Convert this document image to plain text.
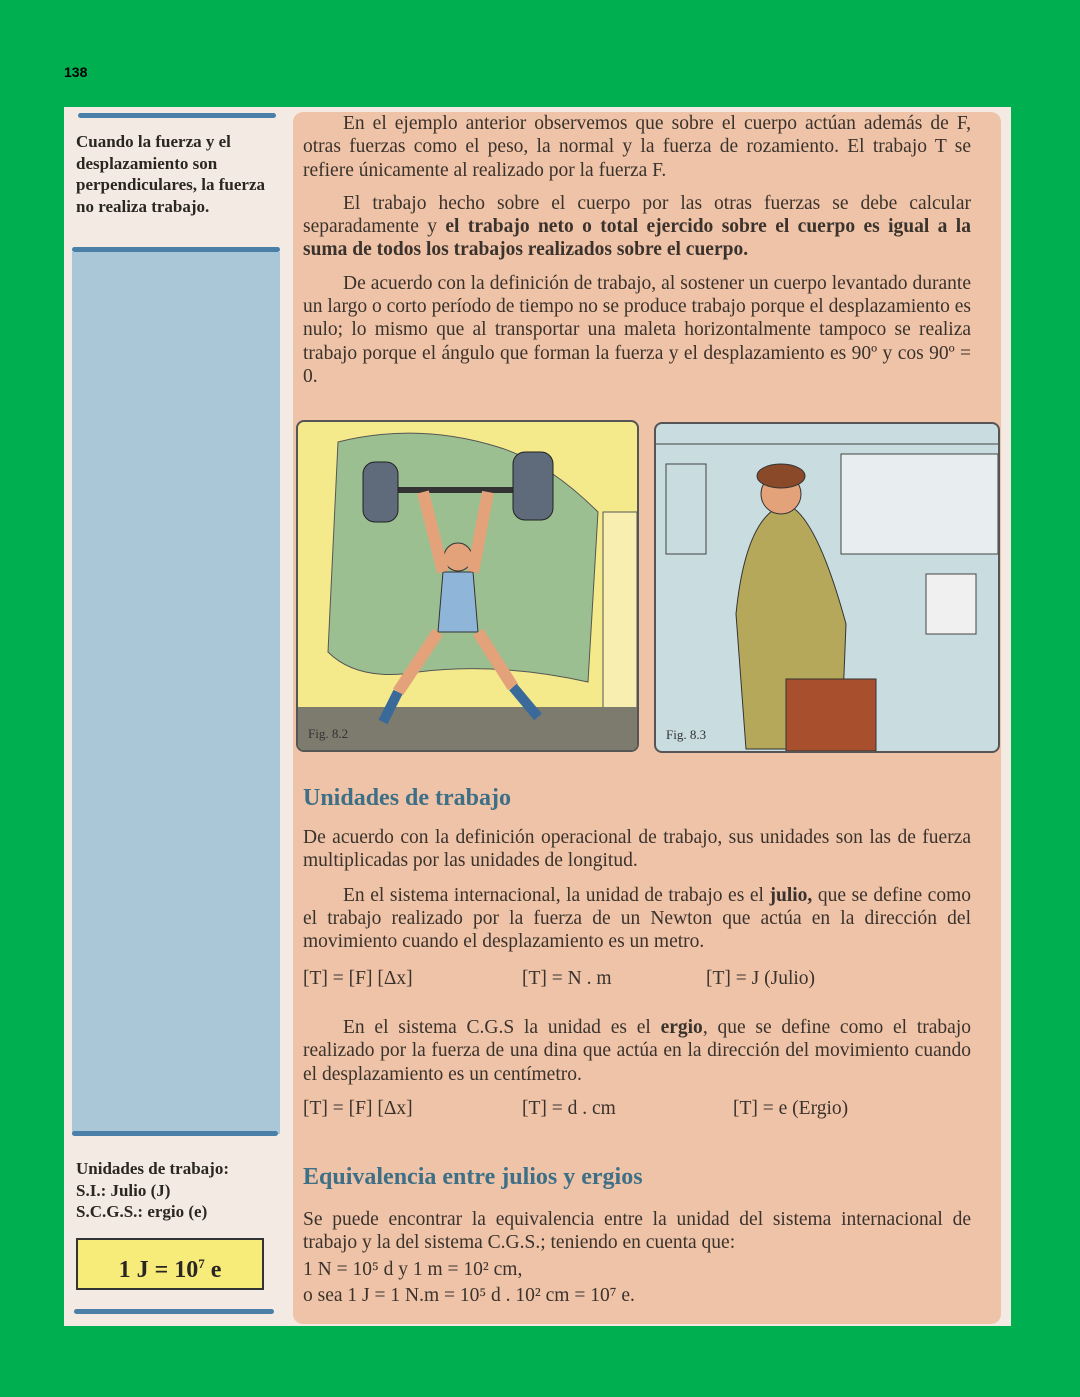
138
Cuando la fuerza y el desplazamiento son perpendiculares, la fuerza no realiza trabajo.
Unidades de trabajo:
S.I.: Julio (J)
S.C.G.S.: ergio (e)
1 $J = 10^7$ e

En el ejemplo anterior observemos que sobre el cuerpo actúan además de F, otras fuerzas como el peso, la normal y la fuerza de rozamiento. El trabajo T se refiere únicamente al realizado por la fuerza F.

El trabajo hecho sobre el cuerpo por las otras fuerzas se debe calcular separadamente y el trabajo neto o total ejercido sobre el cuerpo es igual a la suma de todos los trabajos realizados sobre el cuerpo.

De acuerdo con la definición de trabajo, al sostener un cuerpo levantado durante un largo o corto período de tiempo no se produce trabajo porque el desplazamiento es nulo; lo mismo que al transportar una maleta horizontalmente tampoco se realiza trabajo porque el ángulo que forman la fuerza y el desplazamiento es 90º y cos 90º = 0.

Fig. 8.2	Fig. 8.3
Unidades de trabajo

De acuerdo con la definición operacional de trabajo, sus unidades son las de fuerza multiplicadas por las unidades de longitud.

En el sistema internacional, la unidad de trabajo es el julio, que se define como el trabajo realizado por la fuerza de un Newton que actúa en la dirección del movimiento cuando el desplazamiento es un metro.

[T] = [F] [Δx]	[T] = N . m	[T] = J (Julio)

En el sistema C.G.S la unidad es el ergio, que se define como el trabajo realizado por la fuerza de una dina que actúa en la dirección del movimiento cuando el desplazamiento es un centímetro.

[T] = [F] [Δx]	[T] = d . cm	[T] = e (Ergio)
Equivalencia entre julios y ergios

Se puede encontrar la equivalencia entre la unidad del sistema internacional de trabajo y la del sistema C.G.S.; teniendo en cuenta que:

1 N = 10⁵ d y 1 m = 10² cm,

o sea 1 J = 1 N.m = 10⁵ d . 10² cm = 10⁷ e.
